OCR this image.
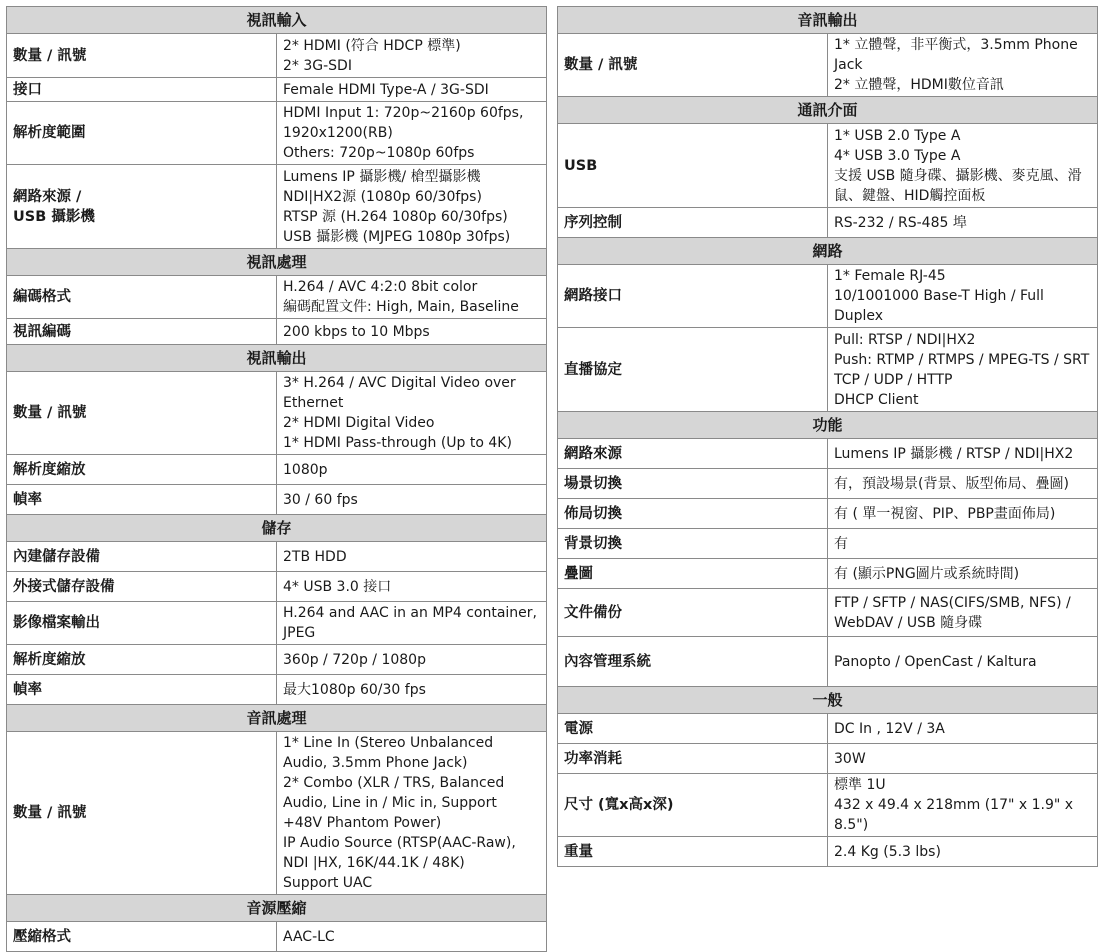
視訊輸入	
數量 / 訊號	2* HDMI (符合 HDCP 標準)
2* 3G-SDI
接口	Female HDMI Type-A / 3G-SDI
解析度範圍	HDMI Input 1: 720p~2160p 60fps, 1920x1200(RB)
Others: 720p~1080p 60fps
網路來源 /
USB 攝影機	Lumens IP 攝影機/ 槍型攝影機
NDI|HX2源 (1080p 60/30fps)
RTSP 源 (H.264 1080p 60/30fps)
USB 攝影機 (MJPEG 1080p 30fps)
視訊處理	
編碼格式	H.264 / AVC 4:2:0 8bit color
編碼配置文件: High, Main, Baseline
視訊編碼	200 kbps to 10 Mbps
視訊輸出	
數量 / 訊號	3* H.264 / AVC Digital Video over Ethernet
2* HDMI Digital Video
1* HDMI Pass-through (Up to 4K)
解析度縮放	1080p
幀率	30 / 60 fps
儲存	
內建儲存設備	2TB HDD
外接式儲存設備	4* USB 3.0 接口
影像檔案輸出	H.264 and AAC in an MP4 container, JPEG
解析度縮放	360p / 720p / 1080p
幀率	最大1080p 60/30 fps
音訊處理	
數量 / 訊號	1* Line In (Stereo Unbalanced Audio, 3.5mm Phone Jack)
2* Combo (XLR / TRS, Balanced Audio, Line in / Mic in, Support +48V Phantom Power)
IP Audio Source (RTSP(AAC-Raw), NDI |HX, 16K/44.1K / 48K)
Support UAC
音源壓縮	
壓縮格式	AAC-LC
音訊輸出	
數量 / 訊號	1* 立體聲，非平衡式，3.5mm Phone Jack
2* 立體聲，HDMI數位音訊
通訊介面	
USB	1* USB 2.0 Type A
4* USB 3.0 Type A
支援 USB 隨身碟、攝影機、麥克風、滑鼠、鍵盤、HID觸控面板
序列控制	RS-232 / RS-485 埠
網路	
網路接口	1* Female RJ-45
10/1001000 Base-T High / Full Duplex
直播協定	Pull: RTSP / NDI|HX2
Push: RTMP / RTMPS / MPEG-TS / SRT
TCP / UDP / HTTP
DHCP Client
功能	
網路來源	Lumens IP 攝影機 / RTSP / NDI|HX2
場景切換	有，預設場景(背景、版型佈局、疊圖)
佈局切換	有 ( 單一視窗、PIP、PBP畫面佈局)
背景切換	有
疊圖	有 (顯示PNG圖片或系統時間)
文件備份	FTP / SFTP / NAS(CIFS/SMB, NFS) / WebDAV / USB 隨身碟
內容管理系統	Panopto / OpenCast / Kaltura
一般	
電源	DC In , 12V / 3A
功率消耗	30W
尺寸 (寬x高x深)	標準 1U
432 x 49.4 x 218mm (17" x 1.9" x 8.5")
重量	2.4 Kg (5.3 lbs)
